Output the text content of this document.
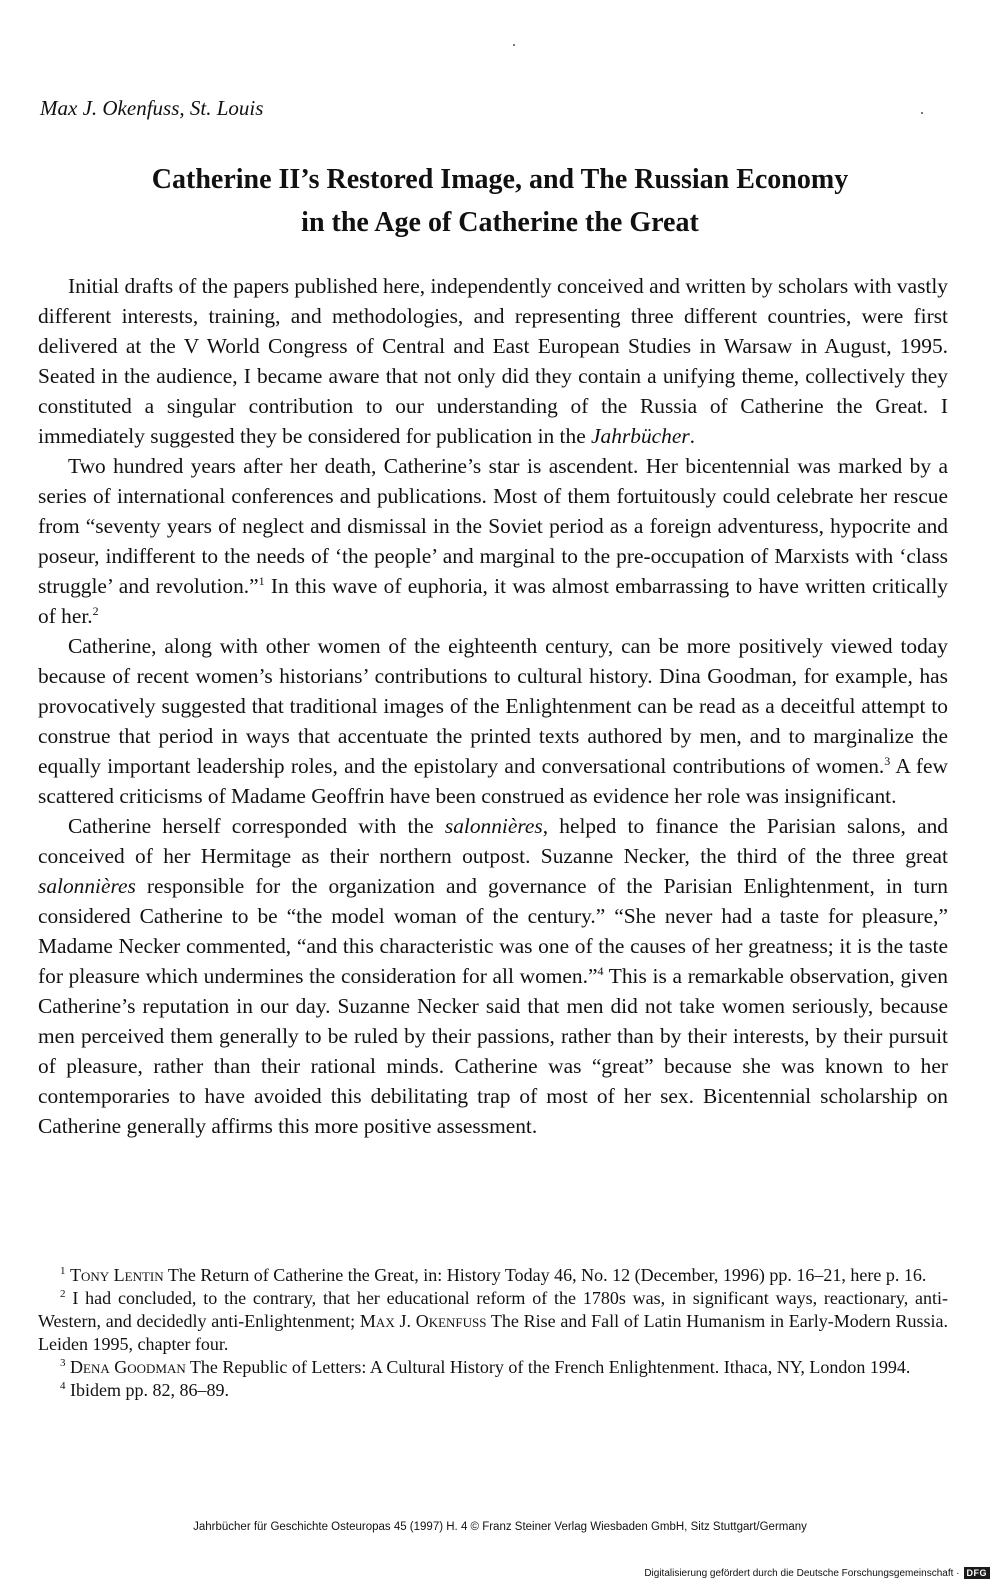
Max J. Okenfuss, St. Louis
Catherine II’s Restored Image, and The Russian Economy
in the Age of Catherine the Great

Initial drafts of the papers published here, independently conceived and written by scholars with vastly different interests, training, and methodologies, and representing three different countries, were first delivered at the V World Congress of Central and East European Studies in Warsaw in August, 1995. Seated in the audience, I became aware that not only did they contain a unifying theme, collectively they constituted a singular contribution to our understanding of the Russia of Catherine the Great. I immediately suggested they be considered for publication in the Jahrbücher.

Two hundred years after her death, Catherine’s star is ascendent. Her bicentennial was marked by a series of international conferences and publications. Most of them fortuitously could celebrate her rescue from “seventy years of neglect and dismissal in the Soviet period as a foreign adventuress, hypocrite and poseur, indifferent to the needs of ‘the people’ and marginal to the pre-occupation of Marxists with ‘class struggle’ and revolution.”$^1$ In this wave of euphoria, it was almost embarrassing to have written critically of her.$^2$

Catherine, along with other women of the eighteenth century, can be more positively viewed today because of recent women’s historians’ contributions to cultural history. Dina Goodman, for example, has provocatively suggested that traditional images of the Enlightenment can be read as a deceitful attempt to construe that period in ways that accentuate the printed texts authored by men, and to marginalize the equally important leadership roles, and the epistolary and conversational contributions of women.$^3$ A few scattered criticisms of Madame Geoffrin have been construed as evidence her role was insignificant.

Catherine herself corresponded with the salonnières, helped to finance the Parisian salons, and conceived of her Hermitage as their northern outpost. Suzanne Necker, the third of the three great salonnières responsible for the organization and governance of the Parisian Enlightenment, in turn considered Catherine to be “the model woman of the century.” “She never had a taste for pleasure,” Madame Necker commented, “and this characteristic was one of the causes of her greatness; it is the taste for pleasure which undermines the consideration for all women.”$^4$ This is a remarkable observation, given Catherine’s reputation in our day. Suzanne Necker said that men did not take women seriously, because men perceived them generally to be ruled by their passions, rather than by their interests, by their pursuit of pleasure, rather than their rational minds. Catherine was “great” because she was known to her contemporaries to have avoided this debilitating trap of most of her sex. Bicentennial scholarship on Catherine generally affirms this more positive assessment.

$^1$ Tony Lentin The Return of Catherine the Great, in: History Today 46, No. 12 (December, 1996) pp. 16–21, here p. 16.

$^2$ I had concluded, to the contrary, that her educational reform of the 1780s was, in significant ways, reactionary, anti-Western, and decidedly anti-Enlightenment; Max J. Okenfuss The Rise and Fall of Latin Humanism in Early-Modern Russia. Leiden 1995, chapter four.

$^3$ Dena Goodman The Republic of Letters: A Cultural History of the French Enlightenment. Ithaca, NY, London 1994.

$^4$ Ibidem pp. 82, 86–89.

Jahrbücher für Geschichte Osteuropas 45 (1997) H. 4 © Franz Steiner Verlag Wiesbaden GmbH, Sitz Stuttgart/Germany
Digitalisierung gefördert durch die Deutsche Forschungsgemeinschaft · DFG
